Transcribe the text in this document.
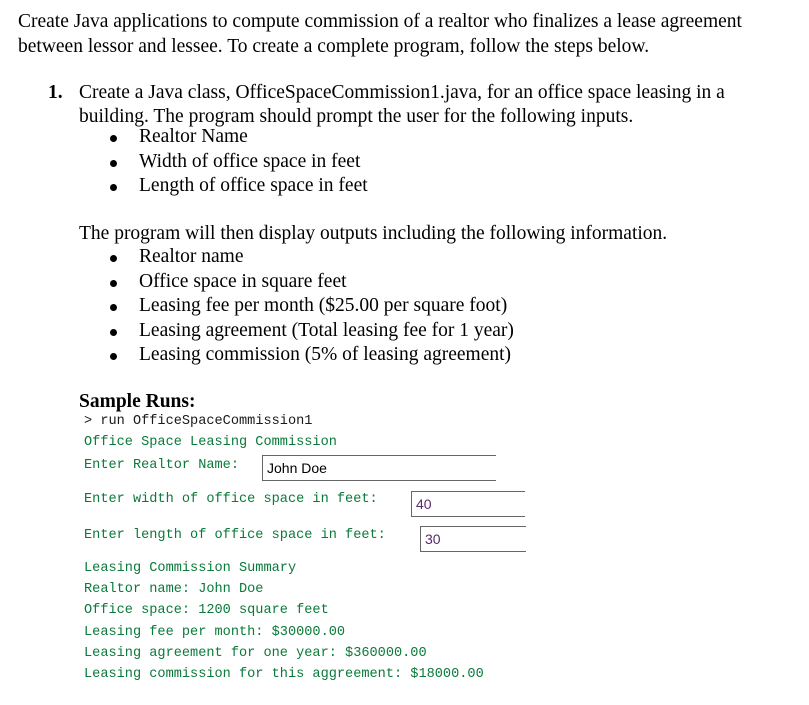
Create Java applications to compute commission of a realtor who finalizes a lease agreement
between lessor and lessee. To create a complete program, follow the steps below.
1. Create a Java class, OfficeSpaceCommission1.java, for an office space leasing in a
building. The program should prompt the user for the following inputs.
Realtor Name
Width of office space in feet
Length of office space in feet
The program will then display outputs including the following information.
Realtor name
Office space in square feet
Leasing fee per month ($25.00 per square foot)
Leasing agreement (Total leasing fee for 1 year)
Leasing commission (5% of leasing agreement)
Sample Runs:
> run OfficeSpaceCommission1
Office Space Leasing Commission
Enter Realtor Name:	John Doe
Enter width of office space in feet:	40
Enter length of office space in feet:	30
Leasing Commission Summary
Realtor name: John Doe
Office space: 1200 square feet
Leasing fee per month: $30000.00
Leasing agreement for one year: $360000.00
Leasing commission for this aggreement: $18000.00
